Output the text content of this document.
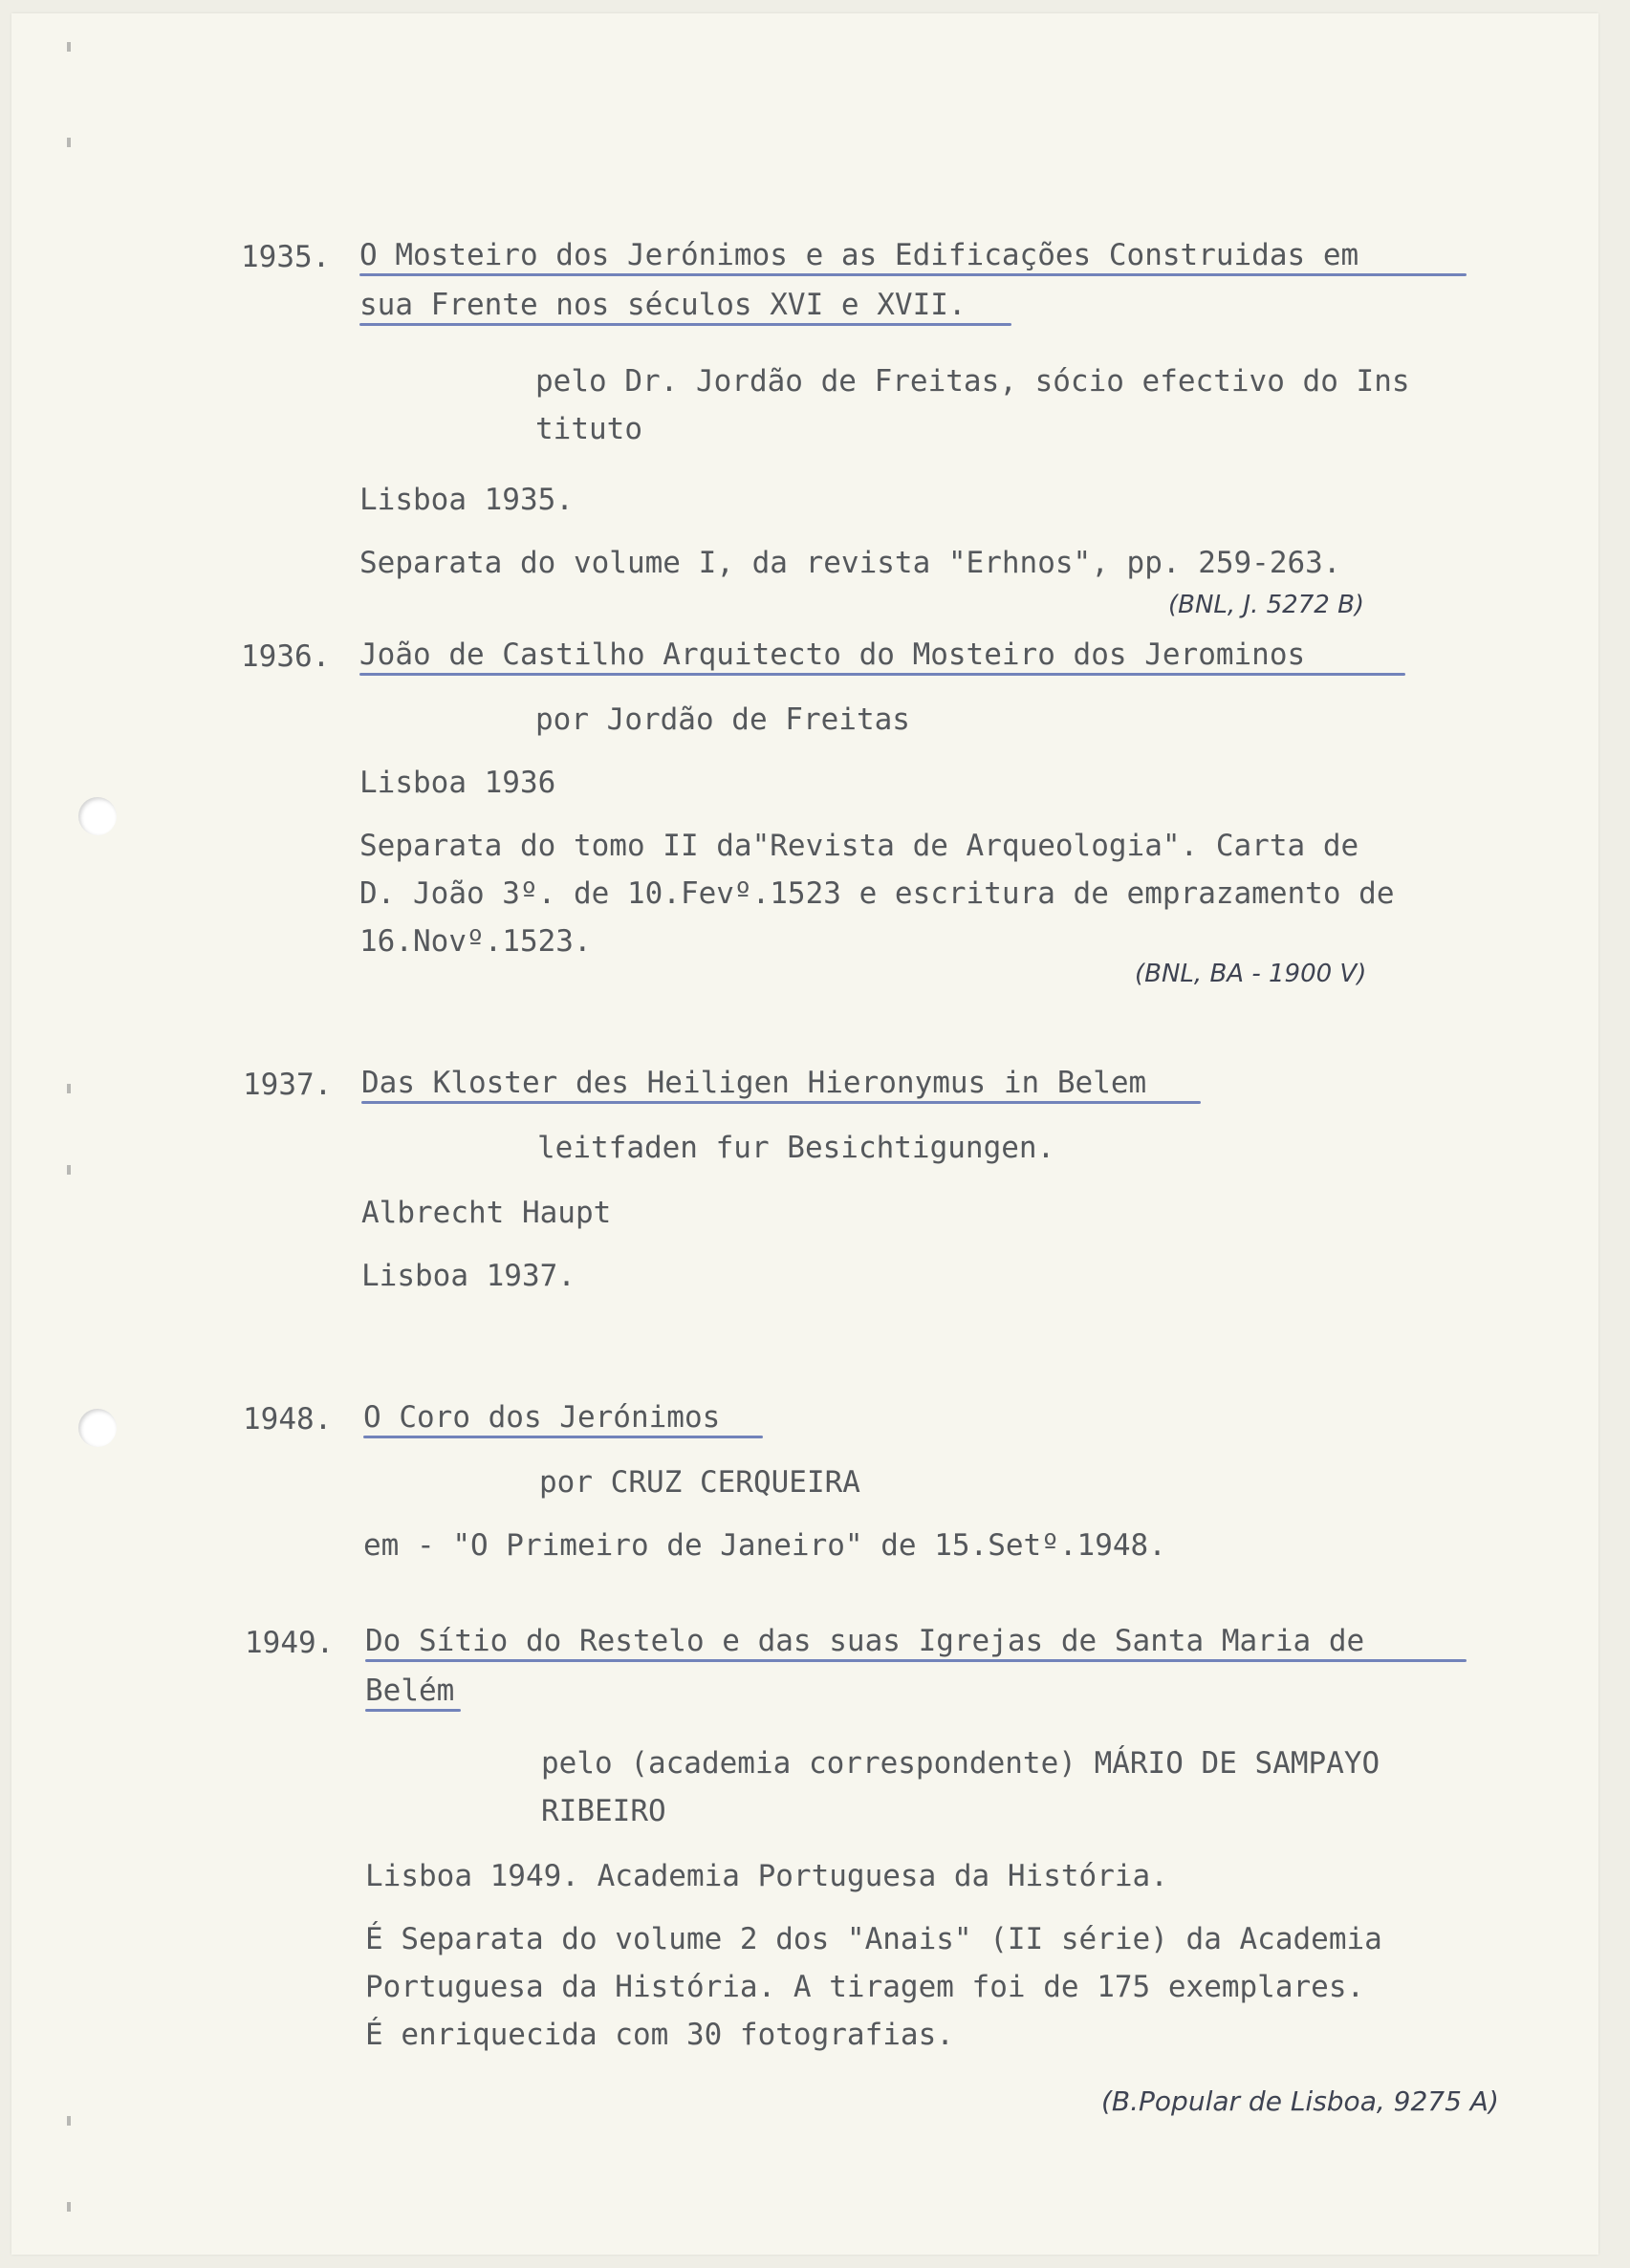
1935. O Mosteiro dos Jerónimos e as Edificações Construidas em
sua Frente nos séculos XVI e XVII.
pelo Dr. Jordão de Freitas, sócio efectivo do Ins
tituto
Lisboa 1935.
Separata do volume I, da revista "Erhnos", pp. 259-263.
(BNL, J. 5272 B)
1936. João de Castilho Arquitecto do Mosteiro dos Jerominos
por Jordão de Freitas
Lisboa 1936
Separata do tomo II da"Revista de Arqueologia". Carta de
D. João 3º. de 10.Fevº.1523 e escritura de emprazamento de
16.Novº.1523.
(BNL, BA - 1900 V)
1937. Das Kloster des Heiligen Hieronymus in Belem
leitfaden fur Besichtigungen.
Albrecht Haupt
Lisboa 1937.
1948. O Coro dos Jerónimos
por CRUZ CERQUEIRA
em - "O Primeiro de Janeiro" de 15.Setº.1948.
1949. Do Sítio do Restelo e das suas Igrejas de Santa Maria de
Belém
pelo (academia correspondente) MÁRIO DE SAMPAYO
RIBEIRO
Lisboa 1949. Academia Portuguesa da História.
É Separata do volume 2 dos "Anais" (II série) da Academia
Portuguesa da História. A tiragem foi de 175 exemplares.
É enriquecida com 30 fotografias.
(B.Popular de Lisboa, 9275 A)
